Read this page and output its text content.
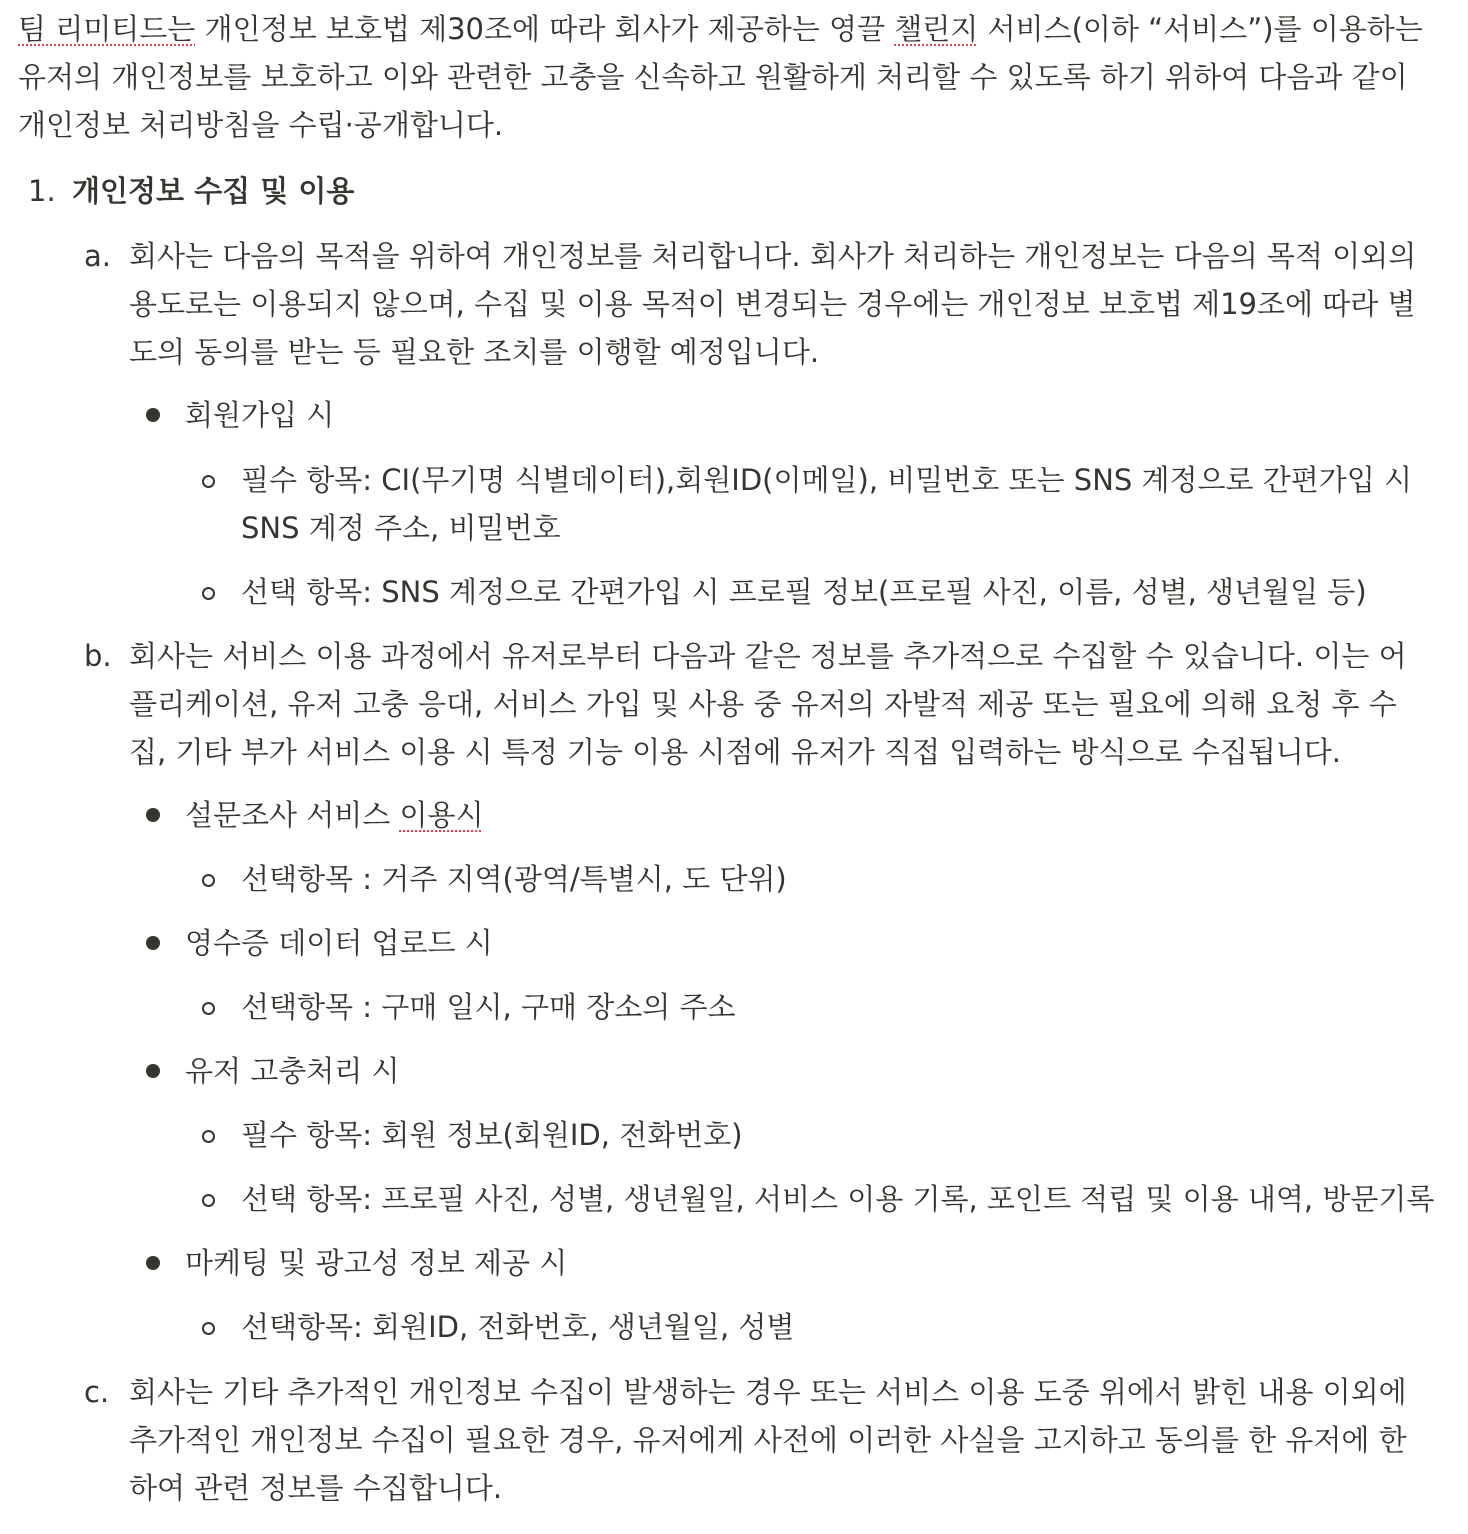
팀 리미티드는 개인정보 보호법 제30조에 따라 회사가 제공하는 영끌 챌린지 서비스(이하 “서비스”)를 이용하는 유저의 개인정보를 보호하고 이와 관련한 고충을 신속하고 원활하게 처리할 수 있도록 하기 위하여 다음과 같이 개인정보 처리방침을 수립·공개합니다.

1. 개인정보 수집 및 이용
a. 회사는 다음의 목적을 위하여 개인정보를 처리합니다. 회사가 처리하는 개인정보는 다음의 목적 이외의 용도로는 이용되지 않으며, 수집 및 이용 목적이 변경되는 경우에는 개인정보 보호법 제19조에 따라 별도의 동의를 받는 등 필요한 조치를 이행할 예정입니다.
회원가입 시
필수 항목: CI(무기명 식별데이터),회원ID(이메일), 비밀번호 또는 SNS 계정으로 간편가입 시 SNS 계정 주소, 비밀번호
선택 항목: SNS 계정으로 간편가입 시 프로필 정보(프로필 사진, 이름, 성별, 생년월일 등)
b. 회사는 서비스 이용 과정에서 유저로부터 다음과 같은 정보를 추가적으로 수집할 수 있습니다. 이는 어플리케이션, 유저 고충 응대, 서비스 가입 및 사용 중 유저의 자발적 제공 또는 필요에 의해 요청 후 수집, 기타 부가 서비스 이용 시 특정 기능 이용 시점에 유저가 직접 입력하는 방식으로 수집됩니다.
설문조사 서비스 이용시
선택항목 : 거주 지역(광역/특별시, 도 단위)
영수증 데이터 업로드 시
선택항목 : 구매 일시, 구매 장소의 주소
유저 고충처리 시
필수 항목: 회원 정보(회원ID, 전화번호)
선택 항목: 프로필 사진, 성별, 생년월일, 서비스 이용 기록, 포인트 적립 및 이용 내역, 방문기록
마케팅 및 광고성 정보 제공 시
선택항목: 회원ID, 전화번호, 생년월일, 성별
c. 회사는 기타 추가적인 개인정보 수집이 발생하는 경우 또는 서비스 이용 도중 위에서 밝힌 내용 이외에 추가적인 개인정보 수집이 필요한 경우, 유저에게 사전에 이러한 사실을 고지하고 동의를 한 유저에 한하여 관련 정보를 수집합니다.
